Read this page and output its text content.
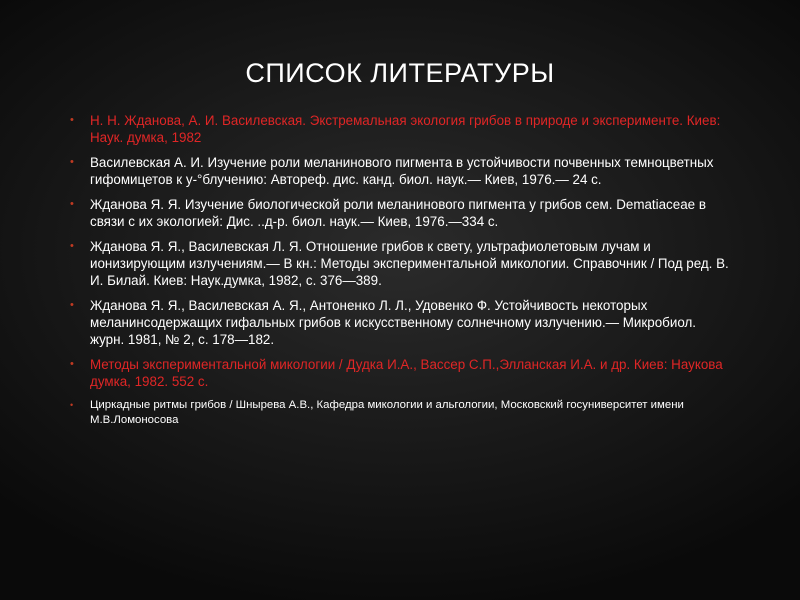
СПИСОК ЛИТЕРАТУРЫ
• Н. Н. Жданова, А. И. Василевская. Экстремальная экология грибов в природе и эксперименте. Киев: Наук. думка, 1982
• Василевская А. И. Изучение роли меланинового пигмента в устойчивости почвенных темноцветных гифомицетов к у-°блучению: Автореф. дис. канд. биол. наук.— Киев, 1976.— 24 с.
• Жданова Я. Я. Изучение биологической роли меланинового пигмента у грибов сем. Dematiaceae в связи с их экологией: Дис. ..д-р. биол. наук.— Киев, 1976.—334 с.
• Жданова Я. Я., Василевская Л. Я. Отношение грибов к свету, ультрафиолетовым лучам и ионизирующим излучениям.— В кн.: Методы экспериментальной микологии. Справочник / Под ред. В. И. Билай. Киев: Наук.думка, 1982, с. 376—389.
• Жданова Я. Я., Василевская А. Я., Антоненко Л. Л., Удовенко Ф. Устойчивость некоторых меланинсодержащих гифальных грибов к искусственному солнечному излучению.— Микробиол. журн. 1981, № 2, с. 178—182.
• Методы экспериментальной микологии / Дудка И.А., Вассер С.П.,Элланская И.А. и др. Киев: Наукова думка, 1982. 552 с.
• Циркадные ритмы грибов / Шнырева А.В., Кафедра микологии и альгологии, Московский госуниверситет имени М.В.Ломоносова
